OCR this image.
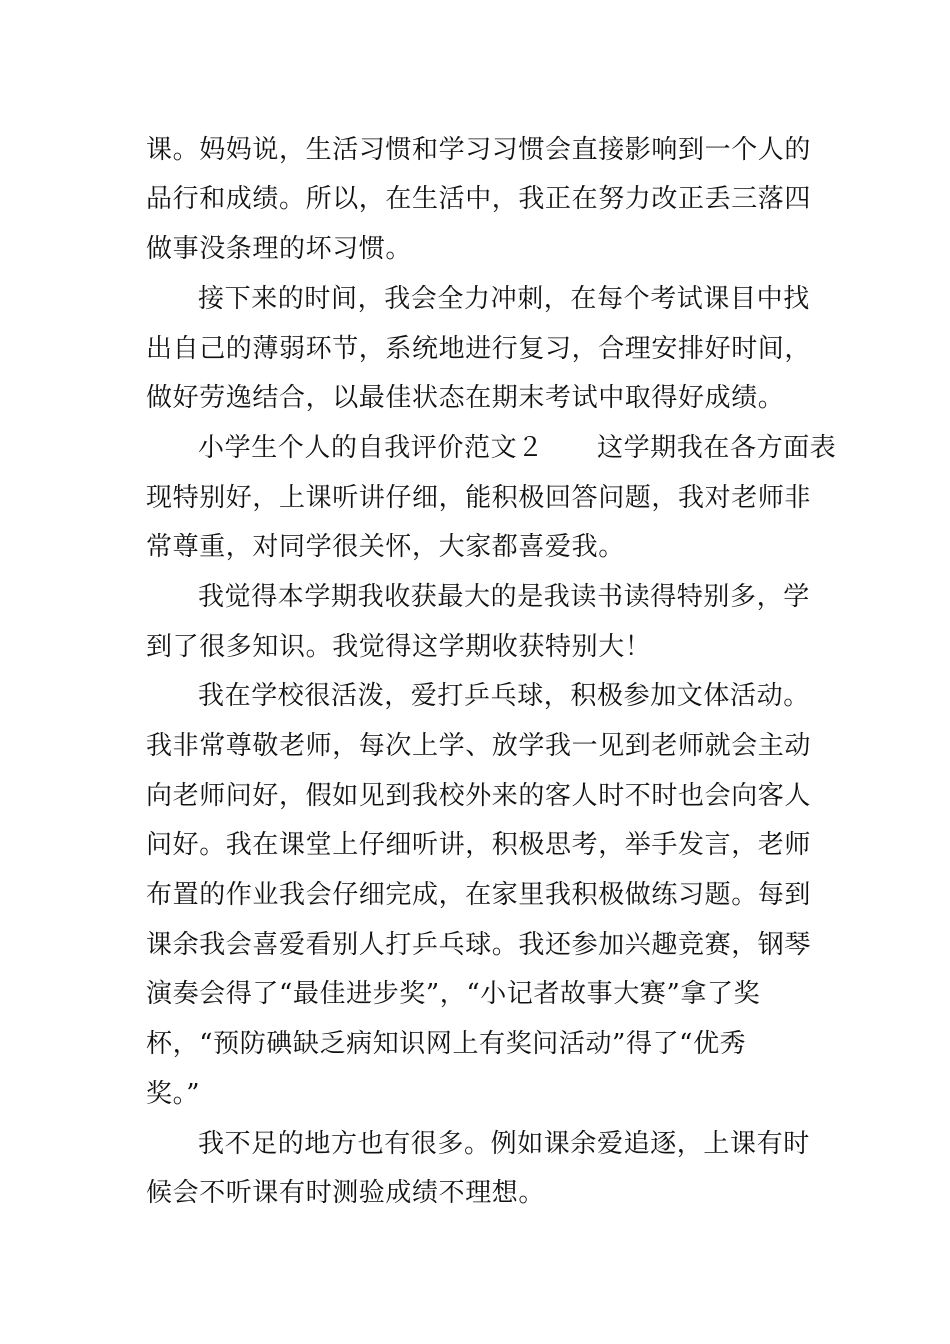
课。妈妈说，生活习惯和学习习惯会直接影响到一个人的
品行和成绩。所以，在生活中，我正在努力改正丢三落四
做事没条理的坏习惯。
接下来的时间，我会全力冲刺，在每个考试课目中找
出自己的薄弱环节，系统地进行复习，合理安排好时间，
做好劳逸结合，以最佳状态在期末考试中取得好成绩。
小学生个人的自我评价范文２　　这学期我在各方面表
现特别好，上课听讲仔细，能积极回答问题，我对老师非
常尊重，对同学很关怀，大家都喜爱我。
我觉得本学期我收获最大的是我读书读得特别多，学
到了很多知识。我觉得这学期收获特别大！
我在学校很活泼，爱打乒乓球，积极参加文体活动。
我非常尊敬老师，每次上学、放学我一见到老师就会主动
向老师问好，假如见到我校外来的客人时不时也会向客人
问好。我在课堂上仔细听讲，积极思考，举手发言，老师
布置的作业我会仔细完成，在家里我积极做练习题。每到
课余我会喜爱看别人打乒乓球。我还参加兴趣竞赛，钢琴
演奏会得了“最佳进步奖”，“小记者故事大赛”拿了奖
杯，“预防碘缺乏病知识网上有奖问活动”得了“优秀
奖。”
我不足的地方也有很多。例如课余爱追逐，上课有时
候会不听课有时测验成绩不理想。
